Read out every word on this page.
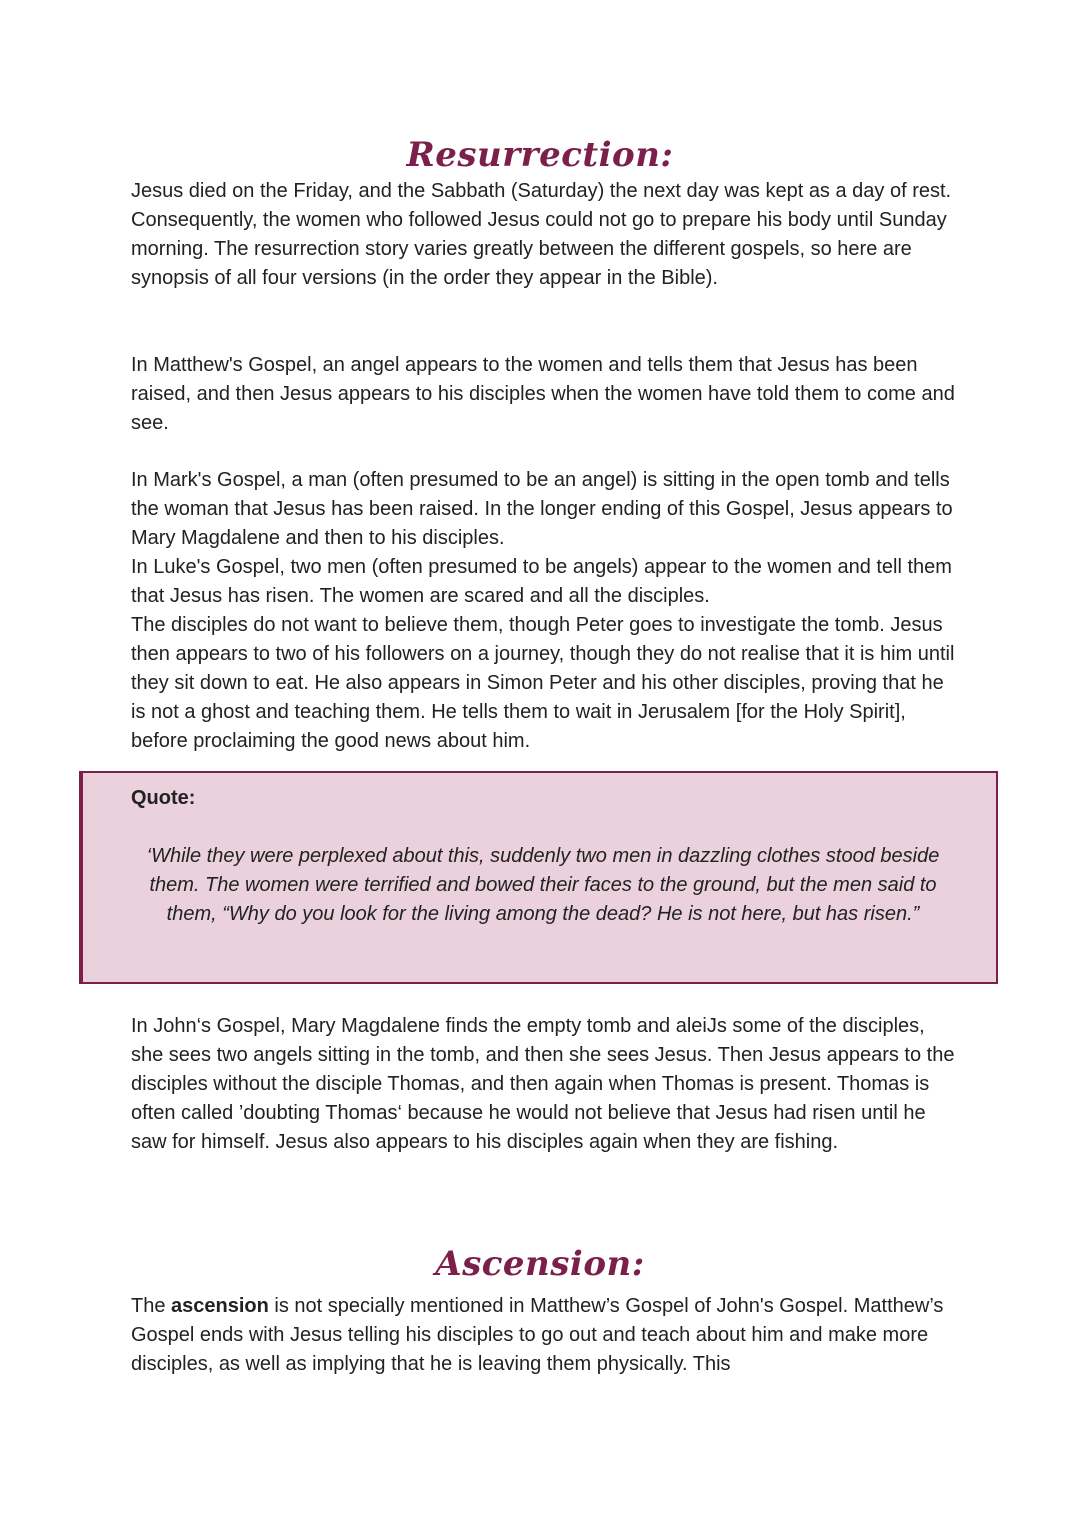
Resurrection:

Jesus died on the Friday, and the Sabbath (Saturday) the next day was kept as a day of rest. Consequently, the women who followed Jesus could not go to prepare his body until Sunday morning. The resurrection story varies greatly between the different gospels, so here are synopsis of all four versions (in the order they appear in the Bible).

In Matthew's Gospel, an angel appears to the women and tells them that Jesus has been raised, and then Jesus appears to his disciples when the women have told them to come and see.

In Mark's Gospel, a man (often presumed to be an angel) is sitting in the open tomb and tells the woman that Jesus has been raised. In the longer ending of this Gospel, Jesus appears to Mary Magdalene and then to his disciples.
In Luke's Gospel, two men (often presumed to be angels) appear to the women and tell them that Jesus has risen. The women are scared and all the disciples.
The disciples do not want to believe them, though Peter goes to investigate the tomb. Jesus then appears to two of his followers on a journey, though they do not realise that it is him until they sit down to eat. He also appears in Simon Peter and his other disciples, proving that he is not a ghost and teaching them. He tells them to wait in Jerusalem [for the Holy Spirit], before proclaiming the good news about him.

Quote:

‘While they were perplexed about this, suddenly two men in dazzling clothes stood beside them. The women were terrified and bowed their faces to the ground, but the men said to them, “Why do you look for the living among the dead? He is not here, but has risen.”

In John‘s Gospel, Mary Magdalene finds the empty tomb and aleiJs some of the disciples, she sees two angels sitting in the tomb, and then she sees Jesus. Then Jesus appears to the disciples without the disciple Thomas, and then again when Thomas is present. Thomas is often called ’doubting Thomas‘ because he would not believe that Jesus had risen until he saw for himself. Jesus also appears to his disciples again when they are fishing.

Ascension:

The ascension is not specially mentioned in Matthew’s Gospel of John's Gospel. Matthew’s Gospel ends with Jesus telling his disciples to go out and teach about him and make more disciples, as well as implying that he is leaving them physically. This
